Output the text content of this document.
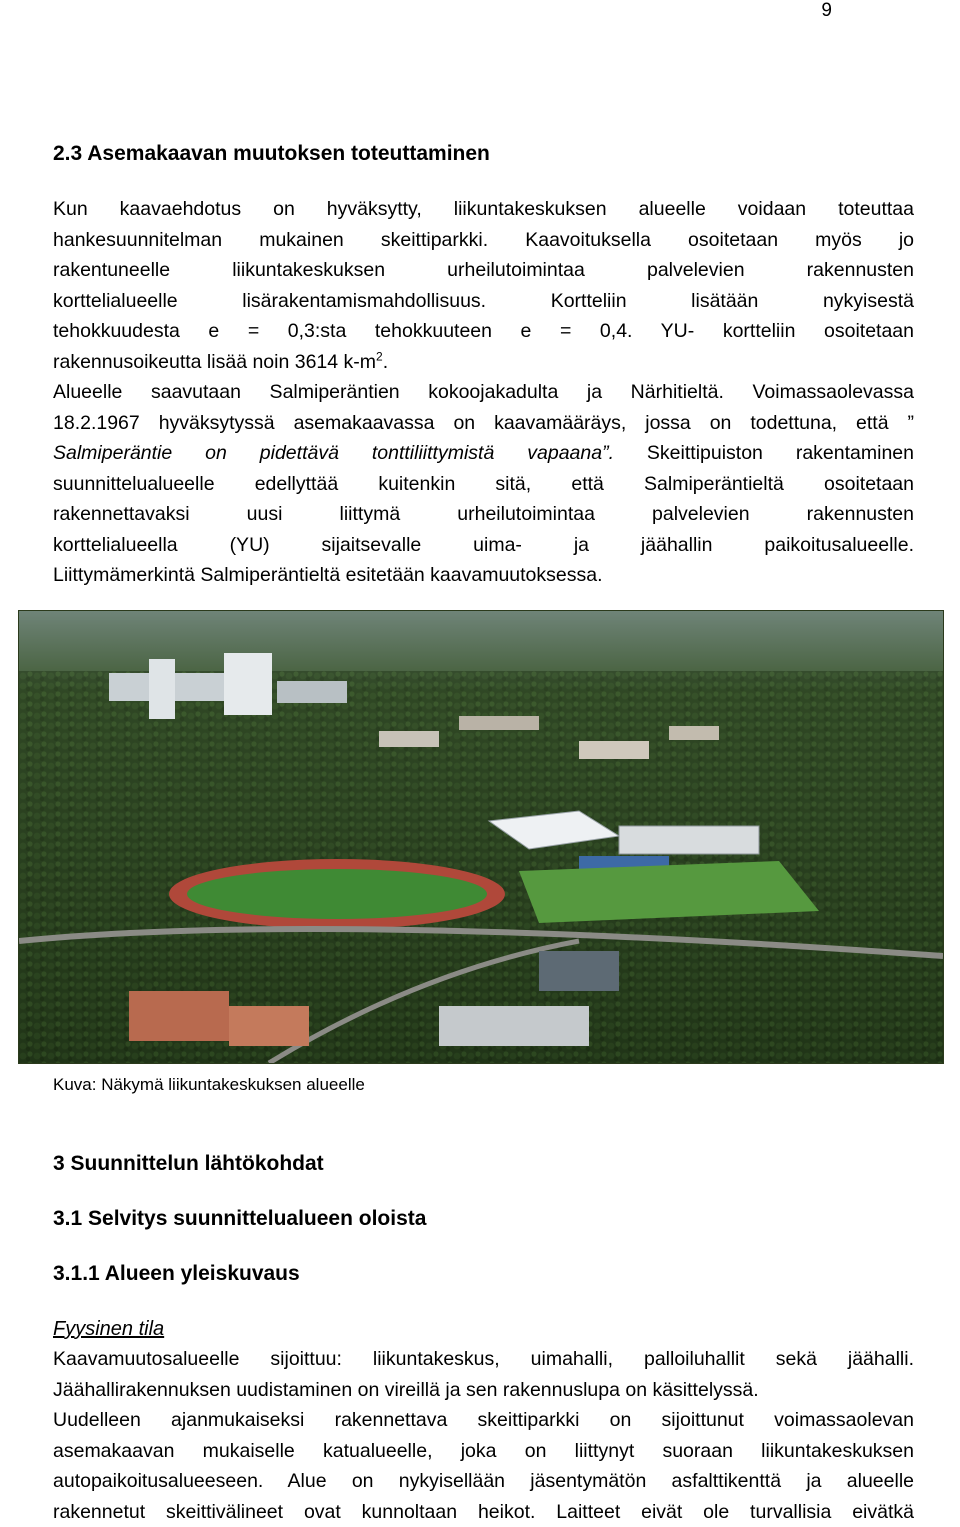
9
2.3 Asemakaavan muutoksen toteuttaminen
Kun kaavaehdotus on hyväksytty, liikuntakeskuksen alueelle voidaan toteuttaa
hankesuunnitelman mukainen skeittiparkki. Kaavoituksella osoitetaan myös jo
rakentuneelle liikuntakeskuksen urheilutoimintaa palvelevien rakennusten
korttelialueelle lisärakentamismahdollisuus. Kortteliin lisätään nykyisestä
tehokkuudesta e = 0,3:sta tehokkuuteen e = 0,4. YU- kortteliin osoitetaan
rakennusoikeutta lisää noin 3614 $k-m^2$.
Alueelle saavutaan Salmiperäntien kokoojakadulta ja Närhitieltä. Voimassaolevassa
18.2.1967 hyväksytyssä asemakaavassa on kaavamääräys, jossa on todettuna, että ”
Salmiperäntie on pidettävä tonttiliittymistä vapaana”. Skeittipuiston rakentaminen
suunnittelualueelle edellyttää kuitenkin sitä, että Salmiperäntieltä osoitetaan
rakennettavaksi uusi liittymä urheilutoimintaa palvelevien rakennusten
korttelialueella (YU) sijaitsevalle uima- ja jäähallin paikoitusalueelle.
Liittymämerkintä Salmiperäntieltä esitetään kaavamuutoksessa.
Kuva: Näkymä liikuntakeskuksen alueelle
3 Suunnittelun lähtökohdat
3.1 Selvitys suunnittelualueen oloista
3.1.1 Alueen yleiskuvaus
Fyysinen tila
Kaavamuutosalueelle sijoittuu: liikuntakeskus, uimahalli, palloiluhallit sekä jäähalli.
Jäähallirakennuksen uudistaminen on vireillä ja sen rakennuslupa on käsittelyssä.
Uudelleen ajanmukaiseksi rakennettava skeittiparkki on sijoittunut voimassaolevan
asemakaavan mukaiselle katualueelle, joka on liittynyt suoraan liikuntakeskuksen
autopaikoitusalueeseen. Alue on nykyisellään jäsentymätön asfalttikenttä ja alueelle
rakennetut skeittivälineet ovat kunnoltaan heikot. Laitteet eivät ole turvallisia eivätkä
